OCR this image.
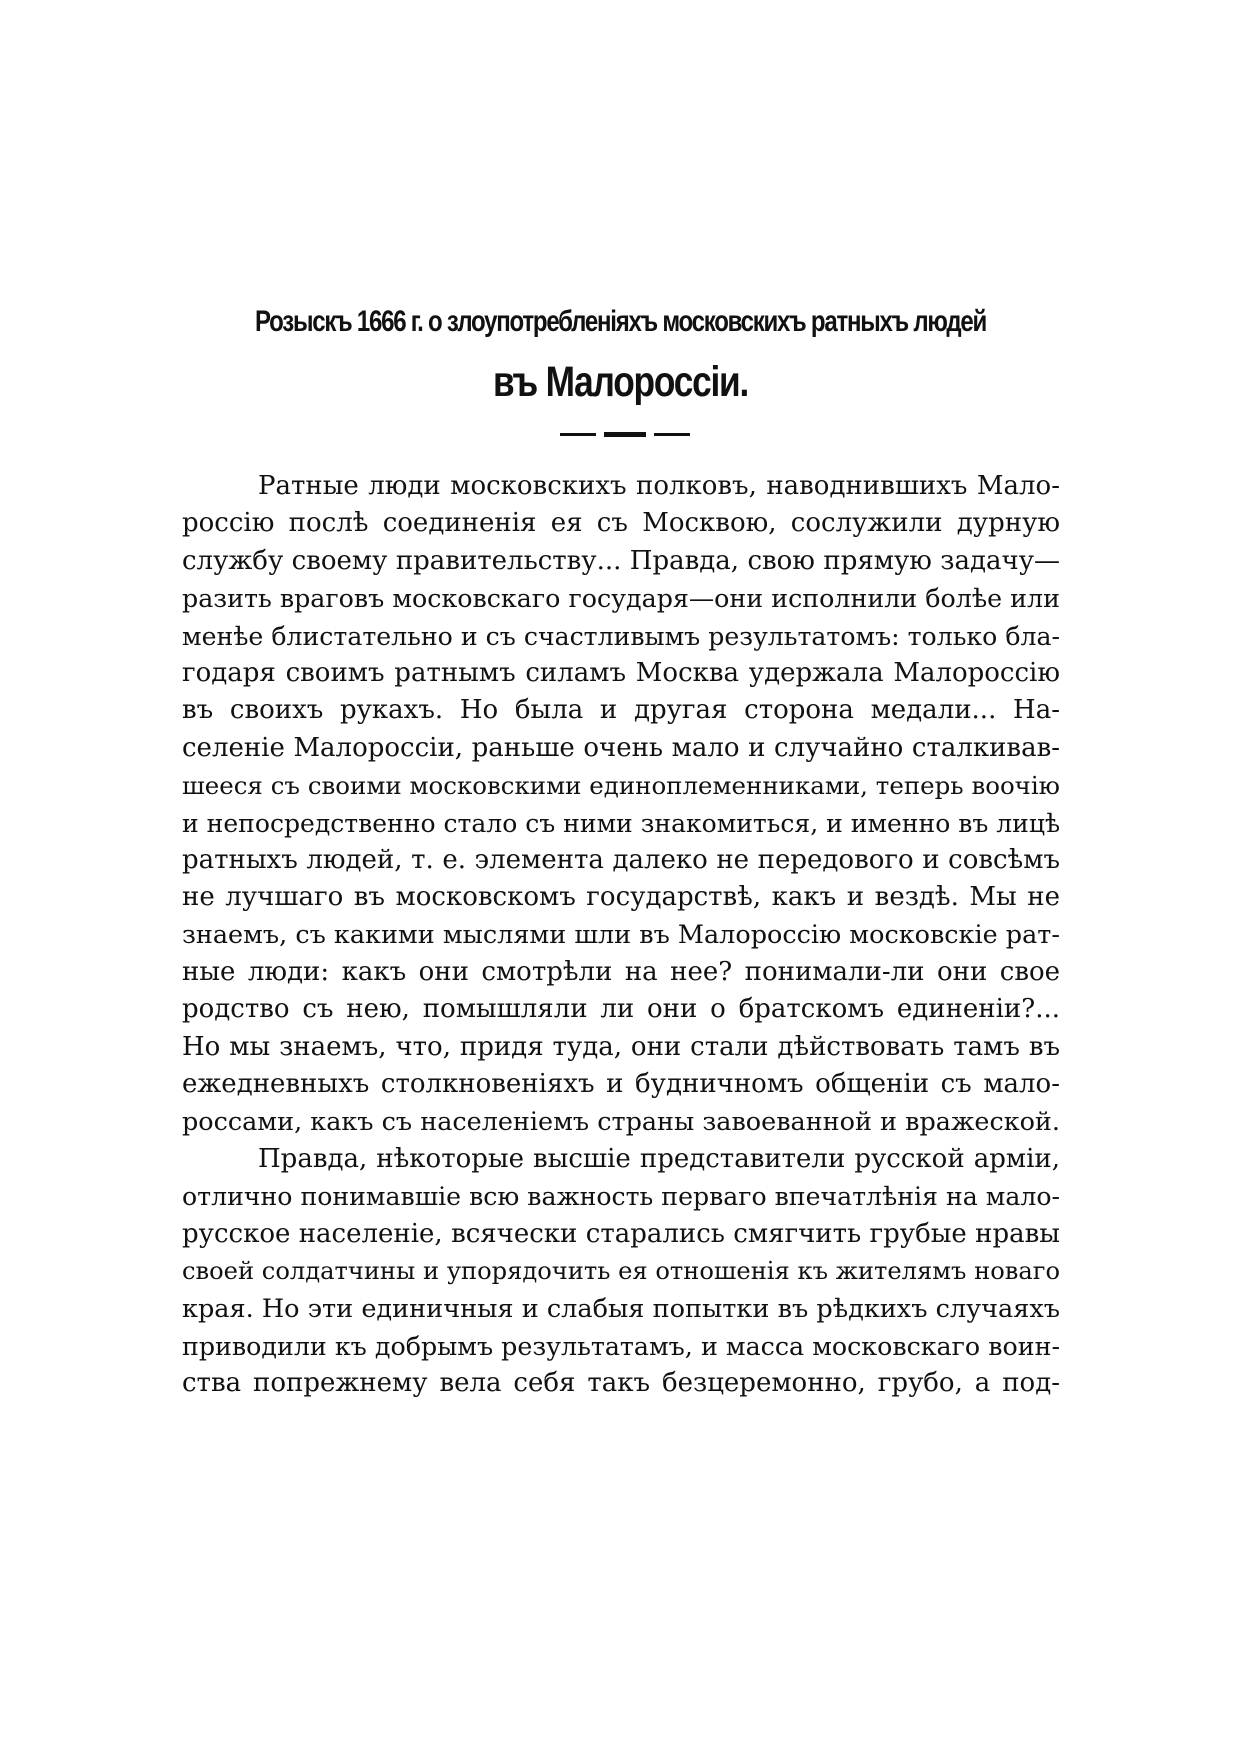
Розыскъ 1666 г. о злоупотребленіяхъ московскихъ ратныхъ людей
въ Малороссіи.
Ратные люди московскихъ полковъ, наводнившихъ Мало-
россію послѣ соединенія ея съ Москвою, сослужили дурную
службу своему правительству... Правда, свою прямую задачу—
разить враговъ московскаго государя—они исполнили болѣе или
менѣе блистательно и съ счастливымъ результатомъ: только бла-
годаря своимъ ратнымъ силамъ Москва удержала Малороссію
въ своихъ рукахъ. Но была и другая сторона медали... На-
селеніе Малороссіи, раньше очень мало и случайно сталкивав-
шееся съ своими московскими единоплеменниками, теперь воочію
и непосредственно стало съ ними знакомиться, и именно въ лицѣ
ратныхъ людей, т. е. элемента далеко не передового и совсѣмъ
не лучшаго въ московскомъ государствѣ, какъ и вездѣ. Мы не
знаемъ, съ какими мыслями шли въ Малороссію московскіе рат-
ные люди: какъ они смотрѣли на нее? понимали-ли они свое
родство съ нею, помышляли ли они о братскомъ единеніи?...
Но мы знаемъ, что, придя туда, они стали дѣйствовать тамъ въ
ежедневныхъ столкновеніяхъ и будничномъ общеніи съ мало-
россами, какъ съ населеніемъ страны завоеванной и вражеской.
Правда, нѣкоторые высшіе представители русской арміи,
отлично понимавшіе всю важность перваго впечатлѣнія на мало-
русское населеніе, всячески старались смягчить грубые нравы
своей солдатчины и упорядочить ея отношенія къ жителямъ новаго
края. Но эти единичныя и слабыя попытки въ рѣдкихъ случаяхъ
приводили къ добрымъ результатамъ, и масса московскаго воин-
ства попрежнему вела себя такъ безцеремонно, грубо, а под-
